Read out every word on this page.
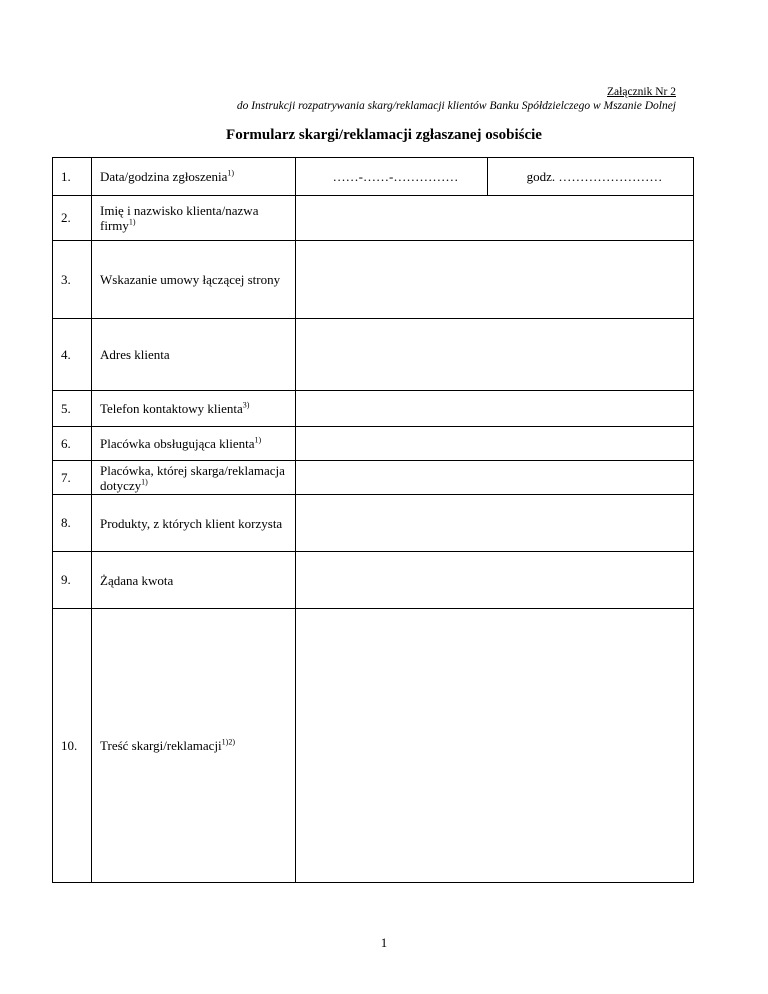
Załącznik Nr 2
do Instrukcji rozpatrywania skarg/reklamacji klientów Banku Spółdzielczego w Mszanie Dolnej
Formularz skargi/reklamacji zgłaszanej osobiście
1.	Data/godzina zgłoszenia$^{1)}$	……-……-……………	godz. ……………………
2.	Imię i nazwisko klienta/nazwa firmy$^{1)}$	
3.	Wskazanie umowy łączącej strony		
4.	Adres klienta		
5.	Telefon kontaktowy klienta$^{3)}$	
6.	Placówka obsługująca klienta$^{1)}$	
7.	Placówka, której skarga/reklamacja dotyczy$^{1)}$	
8.	Produkty, z których klient korzysta		
9.	Żądana kwota		
10.	Treść skargi/reklamacji$^{1)2)}$	
1
